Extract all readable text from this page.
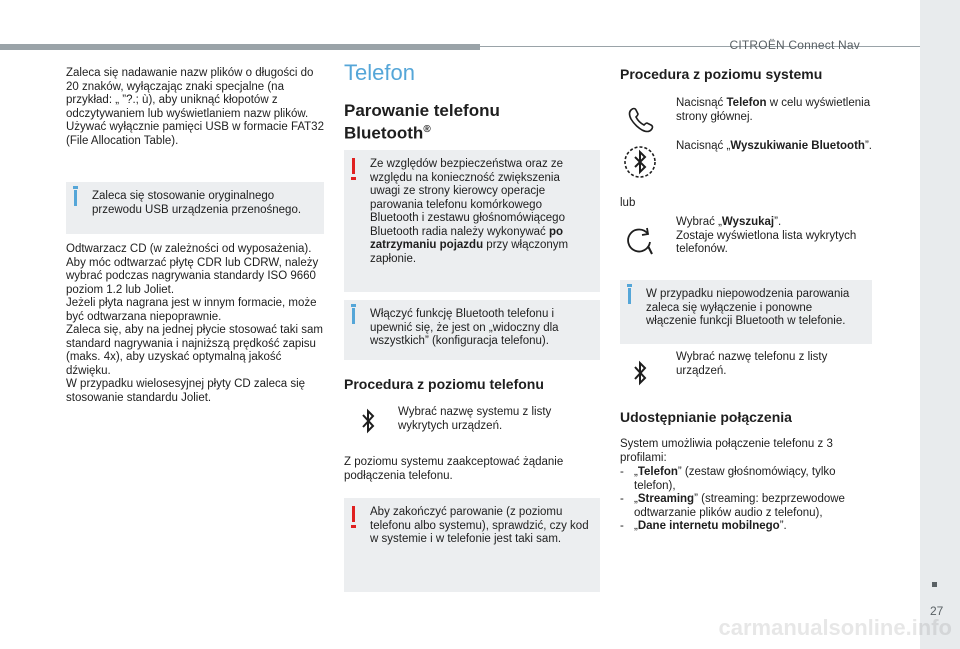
CITROËN Connect Nav
27
carmanualsonline.info

Zaleca się nadawanie nazw plików o długości do 20 znaków, wyłączając znaki specjalne (na przykład: „ ”?.; ù), aby uniknąć kłopotów z odczytywaniem lub wyświetlaniem nazw plików.
Używać wyłącznie pamięci USB w formacie FAT32 (File Allocation Table).

Zaleca się stosowanie oryginalnego przewodu USB urządzenia przenośnego.

Odtwarzacz CD (w zależności od wyposażenia).
Aby móc odtwarzać płytę CDR lub CDRW, należy wybrać podczas nagrywania standardy ISO 9660 poziom 1.2 lub Joliet.
Jeżeli płyta nagrana jest w innym formacie, może być odtwarzana niepoprawnie.
Zaleca się, aby na jednej płycie stosować taki sam standard nagrywania i najniższą prędkość zapisu (maks. 4x), aby uzyskać optymalną jakość dźwięku.
W przypadku wielosesyjnej płyty CD zaleca się stosowanie standardu Joliet.

Telefon
Parowanie telefonu
Bluetooth®

Ze względów bezpieczeństwa oraz ze względu na konieczność zwiększenia uwagi ze strony kierowcy operacje parowania telefonu komórkowego Bluetooth i zestawu głośnomówiącego Bluetooth radia należy wykonywać po zatrzymaniu pojazdu przy włączonym zapłonie.

Włączyć funkcję Bluetooth telefonu i upewnić się, że jest on „widoczny dla wszystkich” (konfiguracja telefonu).

Procedura z poziomu telefonu

Wybrać nazwę systemu z listy wykrytych urządzeń.

Z poziomu systemu zaakceptować żądanie podłączenia telefonu.

Aby zakończyć parowanie (z poziomu telefonu albo systemu), sprawdzić, czy kod w systemie i w telefonie jest taki sam.

Procedura z poziomu systemu

Nacisnąć Telefon w celu wyświetlenia strony głównej.

Nacisnąć „Wyszukiwanie Bluetooth”.

lub

Wybrać „Wyszukaj”.
Zostaje wyświetlona lista wykrytych telefonów.

W przypadku niepowodzenia parowania zaleca się wyłączenie i ponowne włączenie funkcji Bluetooth w telefonie.

Wybrać nazwę telefonu z listy urządzeń.

Udostępnianie połączenia

System umożliwia połączenie telefonu z 3 profilami:

- „Telefon” (zestaw głośnomówiący, tylko telefon),
- „Streaming” (streaming: bezprzewodowe odtwarzanie plików audio z telefonu),
- „Dane internetu mobilnego”.
